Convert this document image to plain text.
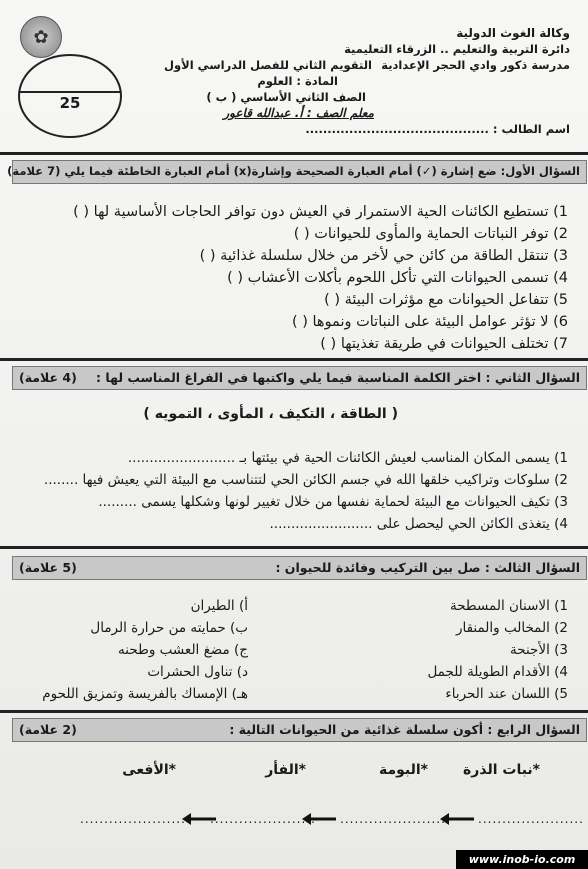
✿
25
وكالة الغوث الدولية
دائرة التربية والتعليم .. الزرقاء التعليمية
مدرسة ذكور وادي الحجر الإعدادية
التقويم الثاني للفصل الدراسي الأول
المادة : العلوم
الصف الثاني الأساسي ( ب )
معلم الصف : أ. عبدالله قاعور
اسم الطالب : ..........................................
السؤال الأول: ضع إشارة (✓) أمام العبارة الصحيحة وإشارة(x) أمام العبارة الخاطئة فيما يلي (7 علامة)
1) تستطيع الكائنات الحية الاستمرار في العيش دون توافر الحاجات الأساسية لها ( )
2) توفر النباتات الحماية والمأوى للحيوانات ( )
3) تنتقل الطاقة من كائن حي لأخر من خلال سلسلة غذائية ( )
4) تسمى الحيوانات التي تأكل اللحوم بأكلات الأعشاب ( )
5) تتفاعل الحيوانات مع مؤثرات البيئة ( )
6) لا تؤثر عوامل البيئة على النباتات ونموها ( )
7) تختلف الحيوانات في طريقة تغذيتها ( )
السؤال الثاني : اختر الكلمة المناسبة فيما يلي واكتبها في الفراغ المناسب لها :
(4 علامة)
( الطاقة ، التكيف ، المأوى ، التمويه )
1) يسمى المكان المناسب لعيش الكائنات الحية في بيئتها بـ .........................
2) سلوكات وتراكيب خلقها الله في جسم الكائن الحي لتتناسب مع البيئة التي يعيش فيها ........
3) تكيف الحيوانات مع البيئة لحماية نفسها من خلال تغيير لونها وشكلها يسمى .........
4) يتغذى الكائن الحي ليحصل على ........................
السؤال الثالث : صل بين التركيب وفائدة للحيوان :
(5 علامة)
1) الاسنان المسطحة
2) المخالب والمنقار
3) الأجنحة
4) الأقدام الطويلة للجمل
5) اللسان عند الحرباء
أ) الطيران
ب) حمايته من حرارة الرمال
ج) مضغ العشب وطحنه
د) تناول الحشرات
هـ) الإمساك بالفريسة وتمزيق اللحوم
السؤال الرابع : أكون سلسلة غذائية من الحيوانات التالية :
(2 علامة)
*نبات الذرة
*البومة
*الفأر
*الأفعى
......................
......................
......................
......................
www.inob-io.com
